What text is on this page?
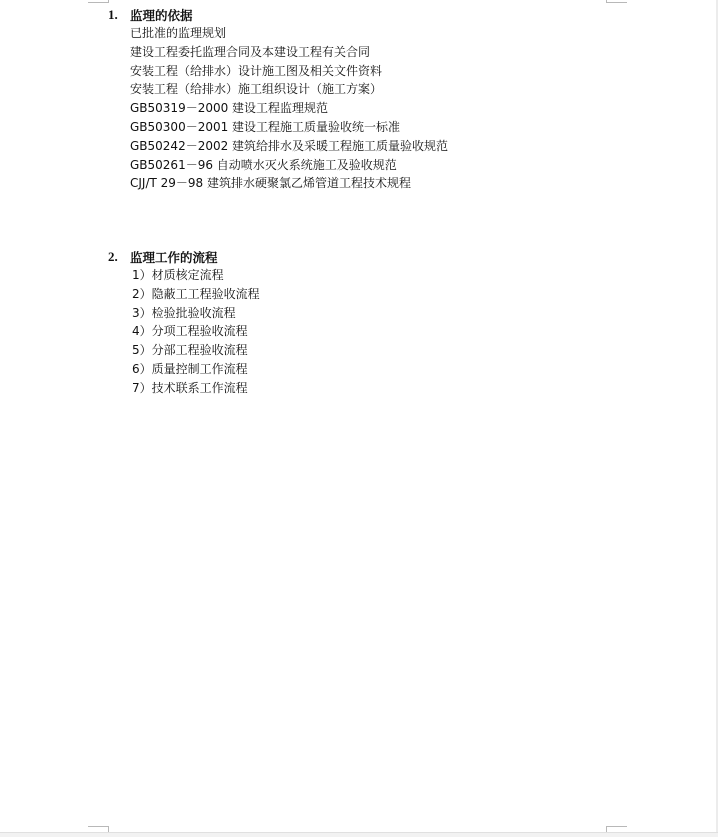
1. 监理的依据
已批准的监理规划
建设工程委托监理合同及本建设工程有关合同
安装工程（给排水）设计施工图及相关文件资料
安装工程（给排水）施工组织设计（施工方案）
GB50319－2000 建设工程监理规范
GB50300－2001 建设工程施工质量验收统一标准
GB50242－2002 建筑给排水及采暖工程施工质量验收规范
GB50261－96 自动喷水灭火系统施工及验收规范
CJJ/T 29－98 建筑排水硬聚氯乙烯管道工程技术规程
2. 监理工作的流程
1）材质核定流程
2）隐蔽工工程验收流程
3）检验批验收流程
4）分项工程验收流程
5）分部工程验收流程
6）质量控制工作流程
7）技术联系工作流程
